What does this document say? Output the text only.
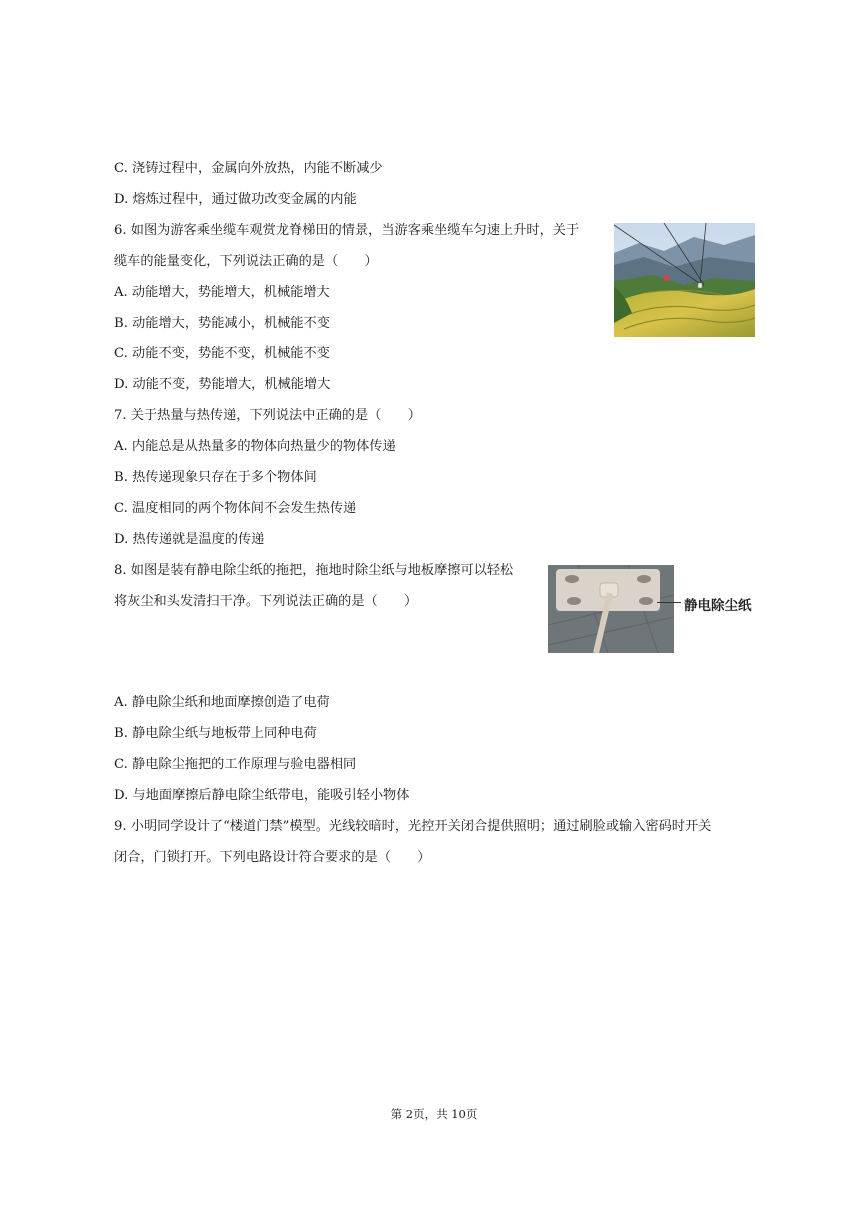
C. 浇铸过程中，金属向外放热，内能不断减少
D. 熔炼过程中，通过做功改变金属的内能
6. 如图为游客乘坐缆车观赏龙脊梯田的情景，当游客乘坐缆车匀速上升时，关于
缆车的能量变化，下列说法正确的是（　　）
A. 动能增大，势能增大，机械能增大
B. 动能增大，势能减小，机械能不变
C. 动能不变，势能不变，机械能不变
D. 动能不变，势能增大，机械能增大
7. 关于热量与热传递，下列说法中正确的是（　　）
A. 内能总是从热量多的物体向热量少的物体传递
B. 热传递现象只存在于多个物体间
C. 温度相同的两个物体间不会发生热传递
D. 热传递就是温度的传递
8. 如图是装有静电除尘纸的拖把，拖地时除尘纸与地板摩擦可以轻松
将灰尘和头发清扫干净。下列说法正确的是（　　）
A. 静电除尘纸和地面摩擦创造了电荷
B. 静电除尘纸与地板带上同种电荷
C. 静电除尘拖把的工作原理与验电器相同
D. 与地面摩擦后静电除尘纸带电，能吸引轻小物体
9. 小明同学设计了“楼道门禁”模型。光线较暗时，光控开关闭合提供照明；通过刷脸或输入密码时开关
闭合，门锁打开。下列电路设计符合要求的是（　　）
静电除尘纸
第 2页，共 10页
